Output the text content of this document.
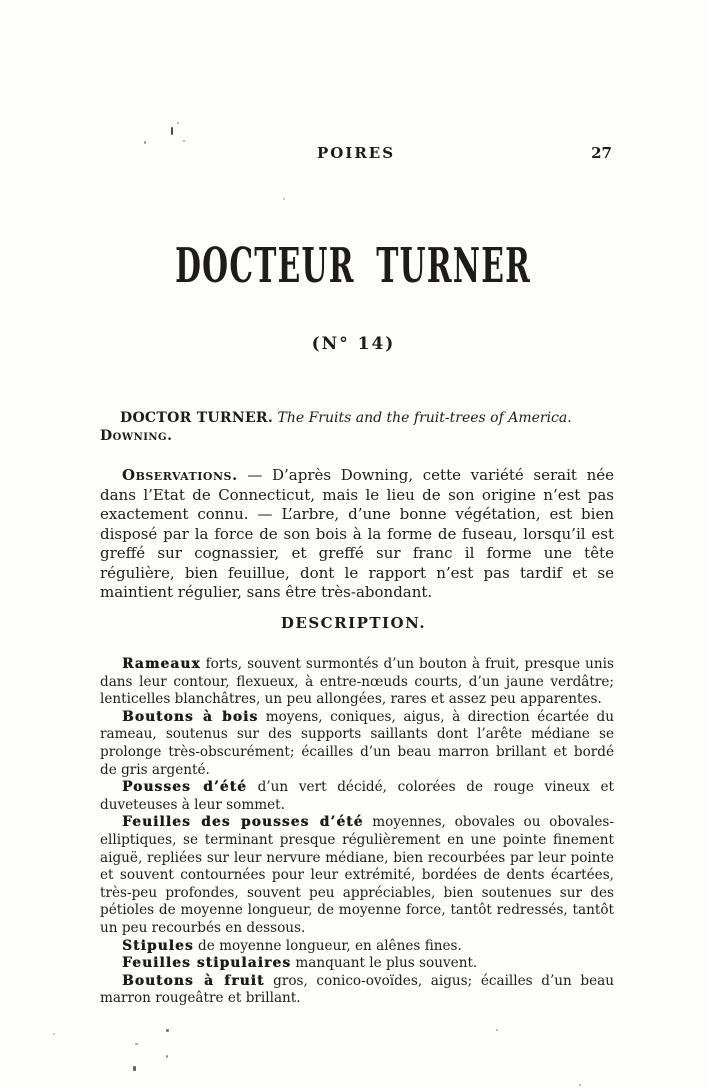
POIRES	27
DOCTEUR TURNER
(N° 14)

DOCTOR TURNER. The Fruits and the fruit-trees of America. Downing.

Observations. — D’après Downing, cette variété serait née dans l’Etat de Connecticut, mais le lieu de son origine n’est pas exactement connu. — L’arbre, d’une bonne végétation, est bien disposé par la force de son bois à la forme de fuseau, lorsqu’il est greffé sur cognassier, et greffé sur franc il forme une tête régulière, bien feuillue, dont le rapport n’est pas tardif et se maintient régulier, sans être très-abondant.

DESCRIPTION.

Rameaux forts, souvent surmontés d’un bouton à fruit, presque unis dans leur contour, flexueux, à entre-nœuds courts, d’un jaune verdâtre; lenticelles blanchâtres, un peu allongées, rares et assez peu apparentes.

Boutons à bois moyens, coniques, aigus, à direction écartée du rameau, soutenus sur des supports saillants dont l’arête médiane se prolonge très-obscurément; écailles d’un beau marron brillant et bordé de gris argenté.

Pousses d’été d’un vert décidé, colorées de rouge vineux et duveteuses à leur sommet.

Feuilles des pousses d’été moyennes, obovales ou obovales-elliptiques, se terminant presque régulièrement en une pointe finement aiguë, repliées sur leur nervure médiane, bien recourbées par leur pointe et souvent contournées pour leur extrémité, bordées de dents écartées, très-peu profondes, souvent peu appréciables, bien soutenues sur des pétioles de moyenne longueur, de moyenne force, tantôt redressés, tantôt un peu recourbés en dessous.

Stipules de moyenne longueur, en alênes fines.

Feuilles stipulaires manquant le plus souvent.

Boutons à fruit gros, conico-ovoïdes, aigus; écailles d’un beau marron rougeâtre et brillant.
